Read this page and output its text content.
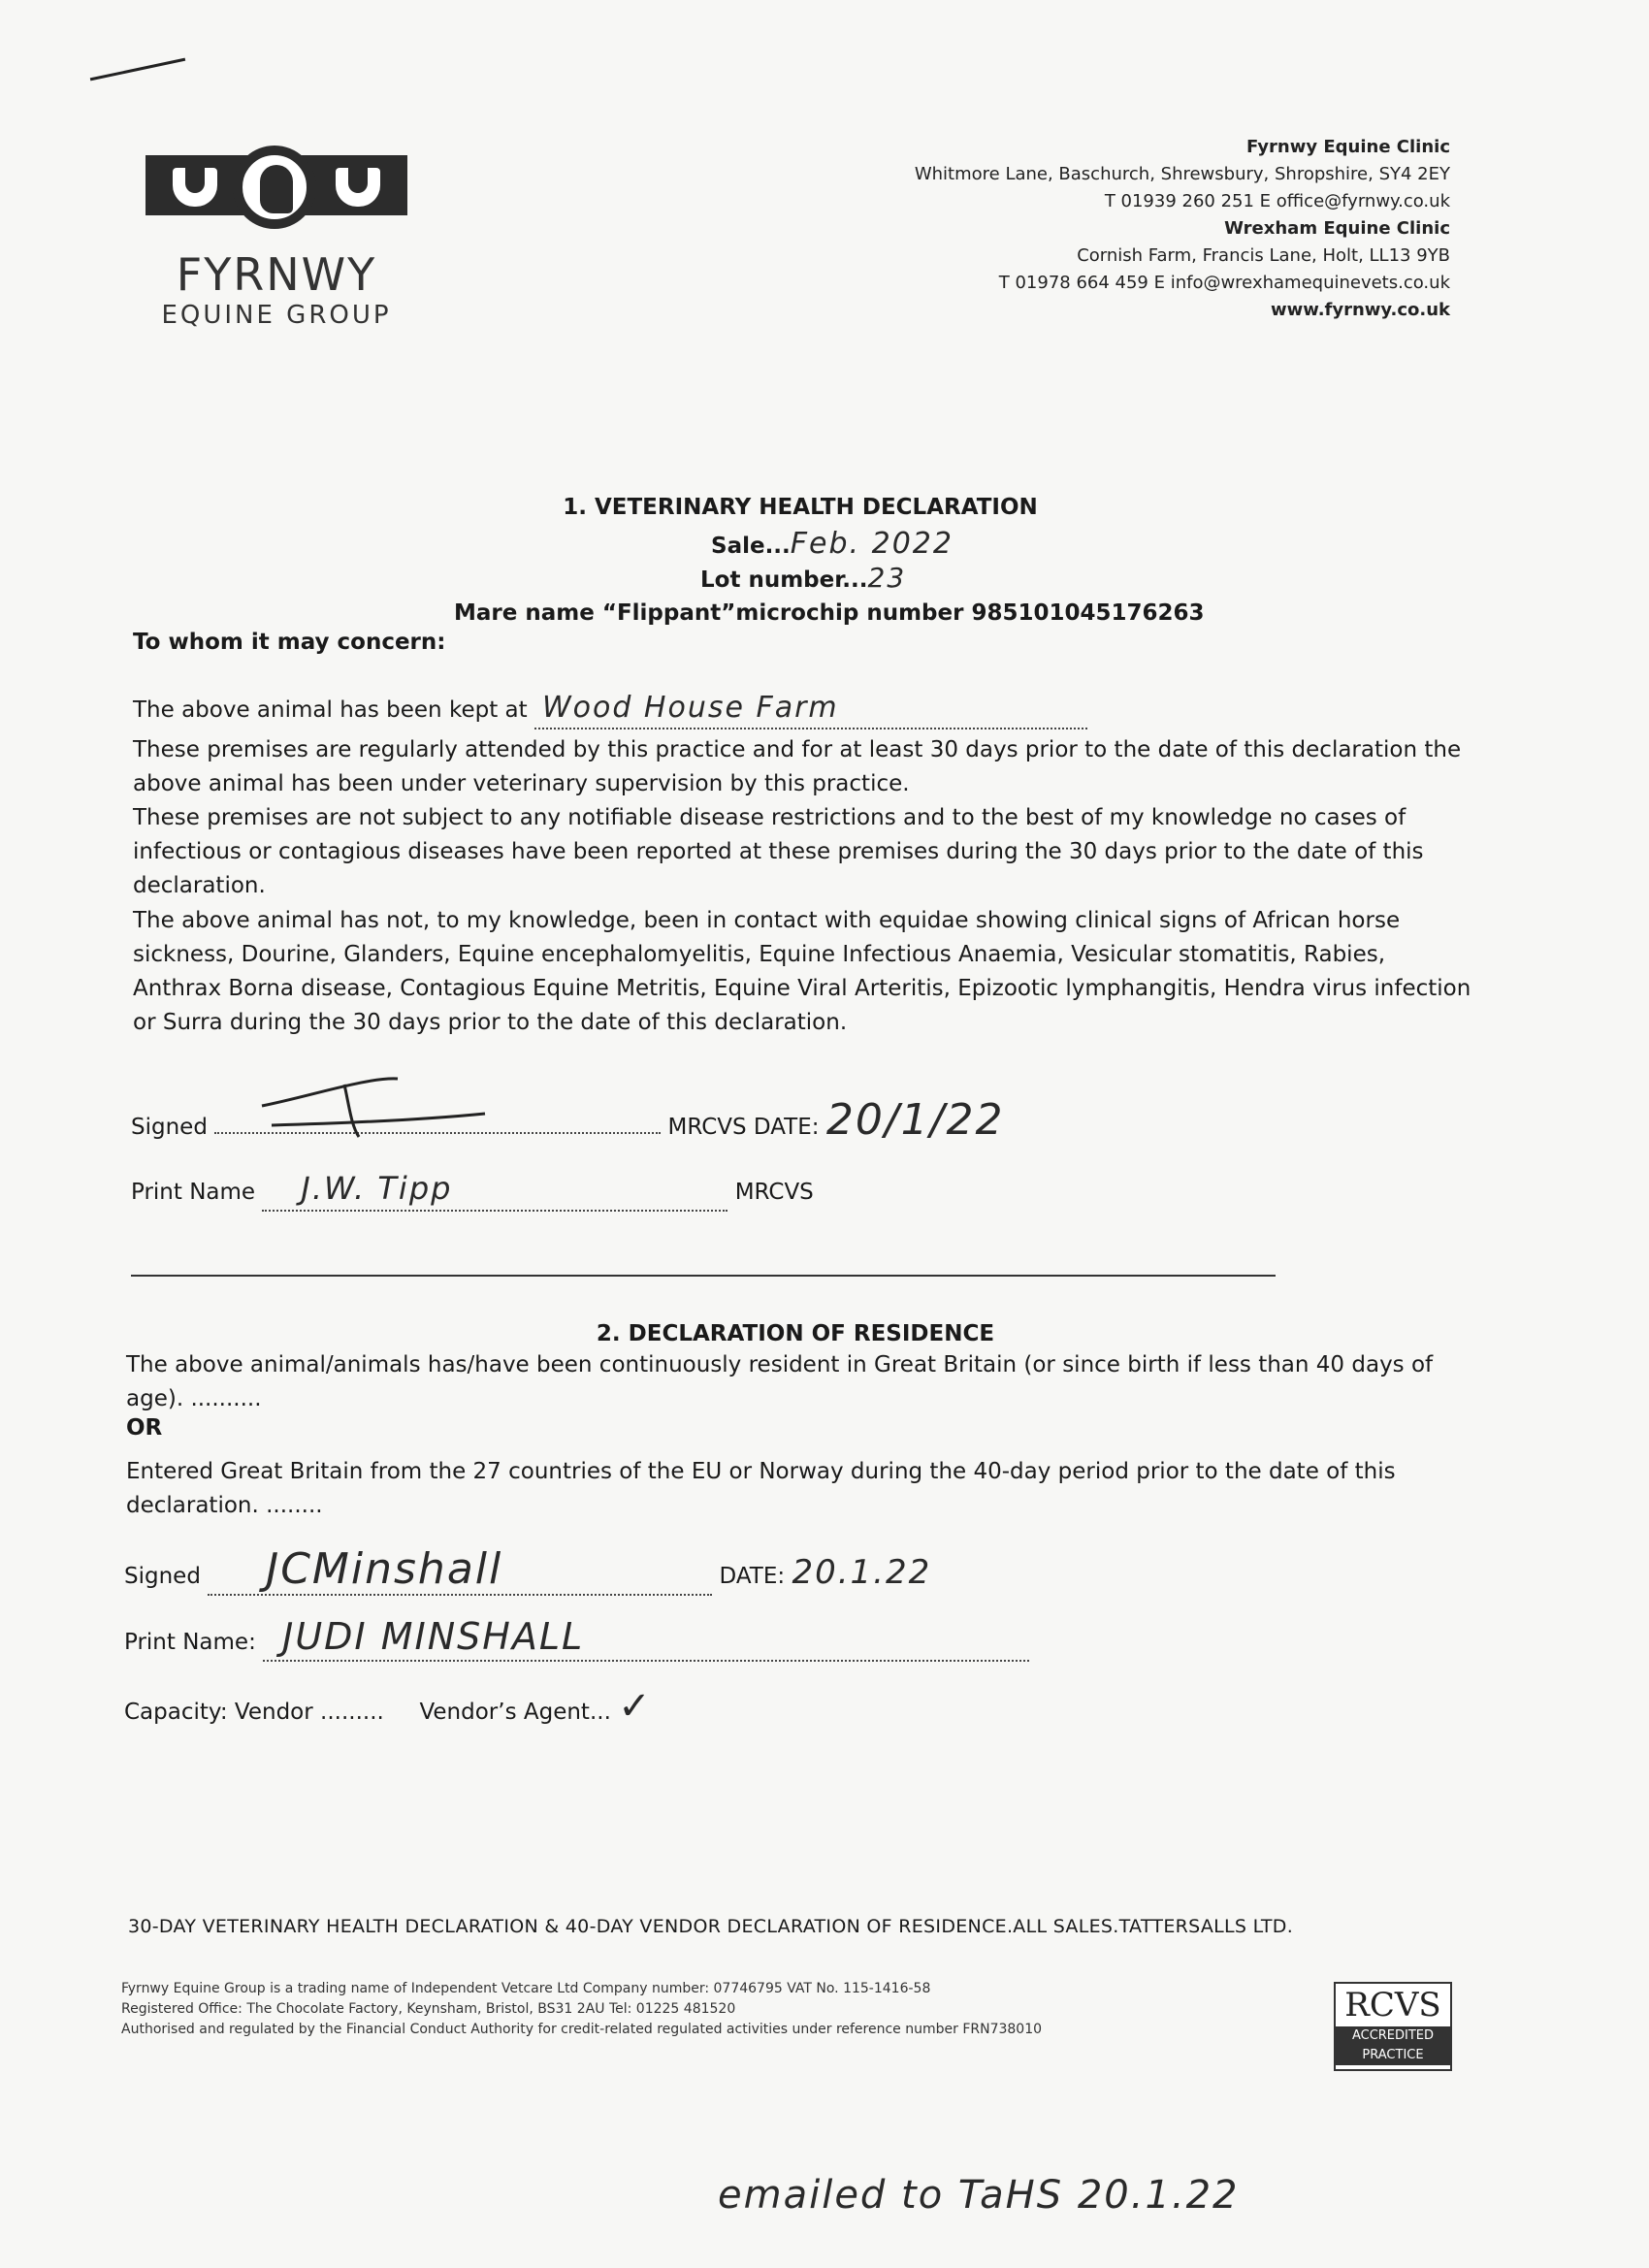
FYRNWY
EQUINE GROUP
Fyrnwy Equine Clinic
Whitmore Lane, Baschurch, Shrewsbury, Shropshire, SY4 2EY
T 01939 260 251 E office@fyrnwy.co.uk
Wrexham Equine Clinic
Cornish Farm, Francis Lane, Holt, LL13 9YB
T 01978 664 459 E info@wrexhamequinevets.co.uk
www.fyrnwy.co.uk
1. VETERINARY HEALTH DECLARATION
Sale...Feb. 2022
Lot number...23
Mare name “Flippant”microchip number 985101045176263
To whom it may concern:
The above animal has been kept at Wood House Farm
These premises are regularly attended by this practice and for at least 30 days prior to the date of this declaration the above animal has been under veterinary supervision by this practice.
These premises are not subject to any notifiable disease restrictions and to the best of my knowledge no cases of infectious or contagious diseases have been reported at these premises during the 30 days prior to the date of this declaration.
The above animal has not, to my knowledge, been in contact with equidae showing clinical signs of African horse sickness, Dourine, Glanders, Equine encephalomyelitis, Equine Infectious Anaemia, Vesicular stomatitis, Rabies, Anthrax Borna disease, Contagious Equine Metritis, Equine Viral Arteritis, Epizootic lymphangitis, Hendra virus infection or Surra during the 30 days prior to the date of this declaration.
Signed	MRCVS DATE: 20/1/22
Print Name J.W. Tipp	MRCVS
2. DECLARATION OF RESIDENCE
The above animal/animals has/have been continuously resident in Great Britain (or since birth if less than 40 days of age). ..........
OR
Entered Great Britain from the 27 countries of the EU or Norway during the 40-day period prior to the date of this declaration. ........
Signed JCMinshall	DATE: 20.1.22
Print Name: JUDI MINSHALL
Capacity: Vendor ......... Vendor’s Agent... ✓
30-DAY VETERINARY HEALTH DECLARATION & 40-DAY VENDOR DECLARATION OF RESIDENCE.ALL SALES.TATTERSALLS LTD.
Fyrnwy Equine Group is a trading name of Independent Vetcare Ltd Company number: 07746795 VAT No. 115-1416-58
Registered Office: The Chocolate Factory, Keynsham, Bristol, BS31 2AU Tel: 01225 481520
Authorised and regulated by the Financial Conduct Authority for credit-related regulated activities under reference number FRN738010
RCVS
ACCREDITED
PRACTICE
emailed to TaHS 20.1.22
